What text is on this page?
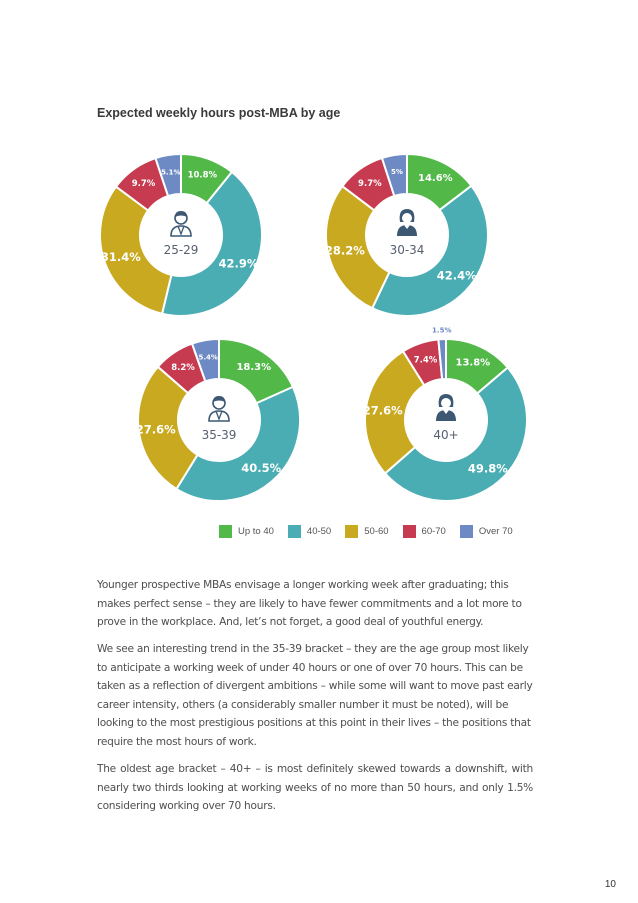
Expected weekly hours post-MBA by age
10.8%
42.9%
31.4%
9.7%
5.1%
25-29
14.6%
42.4%
28.2%
9.7%
5%
30-34
18.3%
40.5%
27.6%
8.2%
5.4%
35-39
13.8%
49.8%
27.6%
7.4%
1.5%
40+
Up to 40	40-50	50-60	60-70	Over 70

Younger prospective MBAs envisage a longer working week after graduating; this makes perfect sense – they are likely to have fewer commitments and a lot more to prove in the workplace. And, let’s not forget, a good deal of youthful energy.

We see an interesting trend in the 35-39 bracket – they are the age group most likely to anticipate a working week of under 40 hours or one of over 70 hours. This can be taken as a reflection of divergent ambitions – while some will want to move past early career intensity, others (a considerably smaller number it must be noted), will be looking to the most prestigious positions at this point in their lives – the positions that require the most hours of work.

The oldest age bracket – 40+ – is most definitely skewed towards a downshift, with nearly two thirds looking at working weeks of no more than 50 hours, and only 1.5% considering working over 70 hours.

10
